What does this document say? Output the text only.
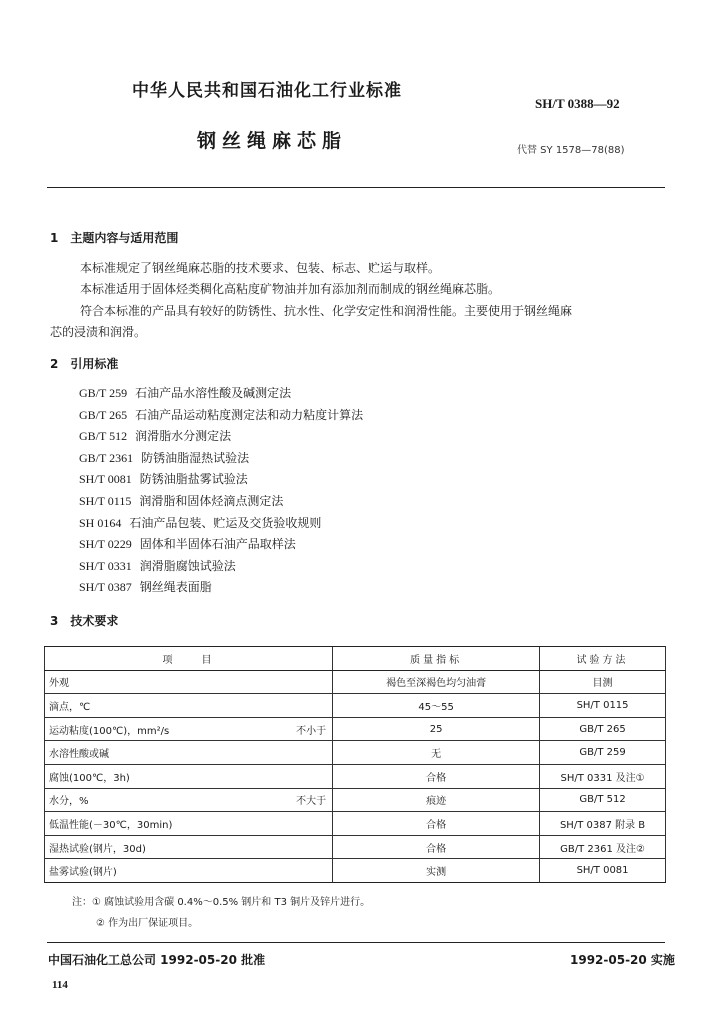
中华人民共和国石油化工行业标准
SH/T 0388—92
钢丝绳麻芯脂	代替 SY 1578—78(88)
1　主题内容与适用范围
本标准规定了钢丝绳麻芯脂的技术要求、包装、标志、贮运与取样。
本标准适用于固体烃类稠化高粘度矿物油并加有添加剂而制成的钢丝绳麻芯脂。
符合本标准的产品具有较好的防锈性、抗水性、化学安定性和润滑性能。主要使用于钢丝绳麻
芯的浸渍和润滑。
2　引用标准
GB/T 259 石油产品水溶性酸及碱测定法
GB/T 265 石油产品运动粘度测定法和动力粘度计算法
GB/T 512 润滑脂水分测定法
GB/T 2361 防锈油脂湿热试验法
SH/T 0081 防锈油脂盐雾试验法
SH/T 0115 润滑脂和固体烃滴点测定法
SH 0164 石油产品包装、贮运及交货验收规则
SH/T 0229 固体和半固体石油产品取样法
SH/T 0331 润滑脂腐蚀试验法
SH/T 0387 钢丝绳表面脂
3　技术要求
项　　目		质量指标	试验方法
外观		褐色至深褐色均匀油膏	目测
滴点，℃		45～55	SH/T 0115
运动粘度(100℃)，mm²/s	不小于	25	GB/T 265
水溶性酸或碱		无	GB/T 259
腐蚀(100℃，3h)		合格	SH/T 0331 及注①
水分，%	不大于	痕迹	GB/T 512
低温性能(－30℃，30min)		合格	SH/T 0387 附录 B
湿热试验(钢片，30d)		合格	GB/T 2361 及注②
盐雾试验(钢片)		实测	SH/T 0081
注：① 腐蚀试验用含碳 0.4%～0.5% 钢片和 T3 铜片及锌片进行。
② 作为出厂保证项目。
中国石油化工总公司 1992-05-20 批准	1992-05-20 实施
114
